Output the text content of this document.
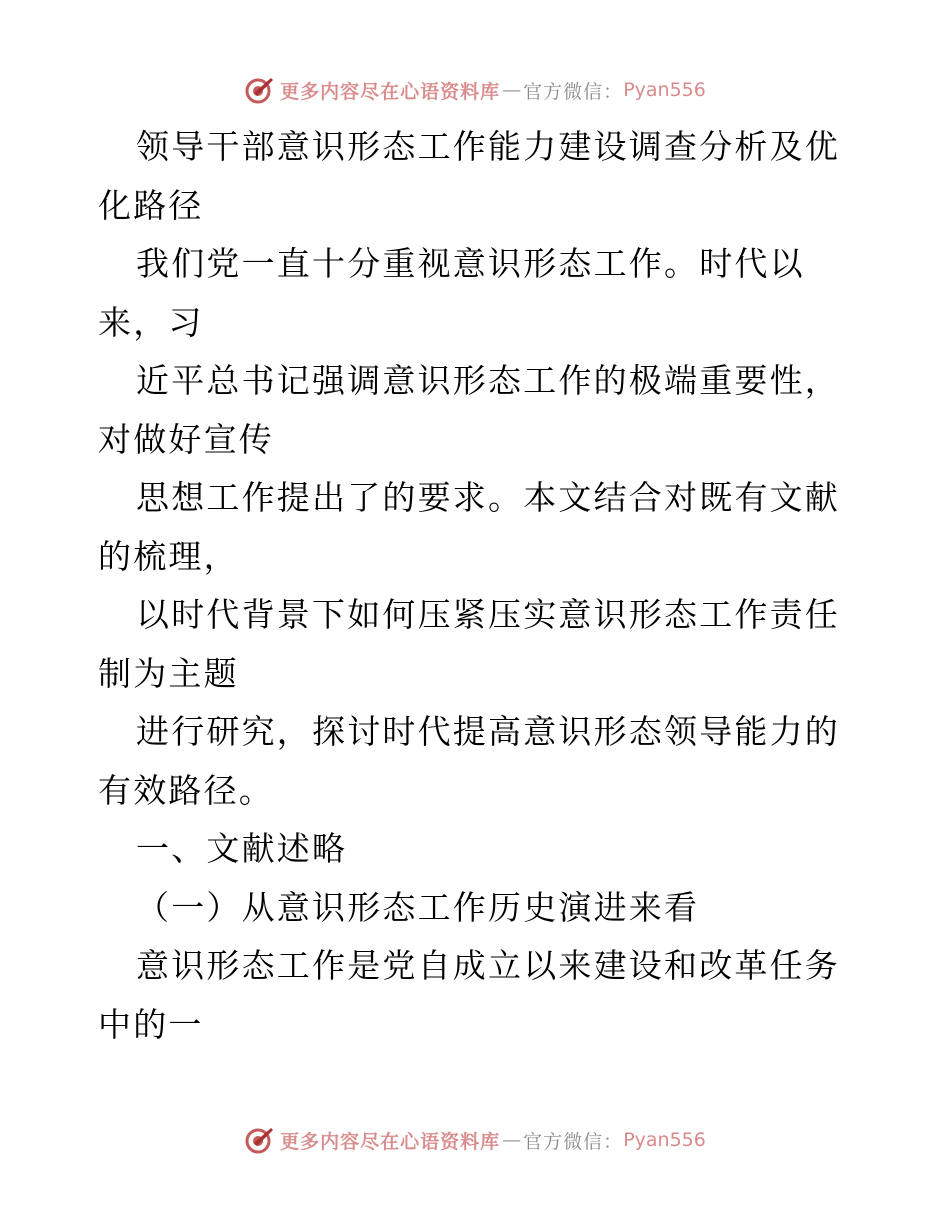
更多内容尽在心语资料库 — 官方微信： Pyan556

领导干部意识形态工作能力建设调查分析及优化路径

我们党一直十分重视意识形态工作。时代以来，习

近平总书记强调意识形态工作的极端重要性，对做好宣传

思想工作提出了的要求。本文结合对既有文献的梳理，

以时代背景下如何压紧压实意识形态工作责任制为主题

进行研究，探讨时代提高意识形态领导能力的有效路径。

一、文献述略

（一）从意识形态工作历史演进来看

意识形态工作是党自成立以来建设和改革任务中的一

更多内容尽在心语资料库 — 官方微信： Pyan556
